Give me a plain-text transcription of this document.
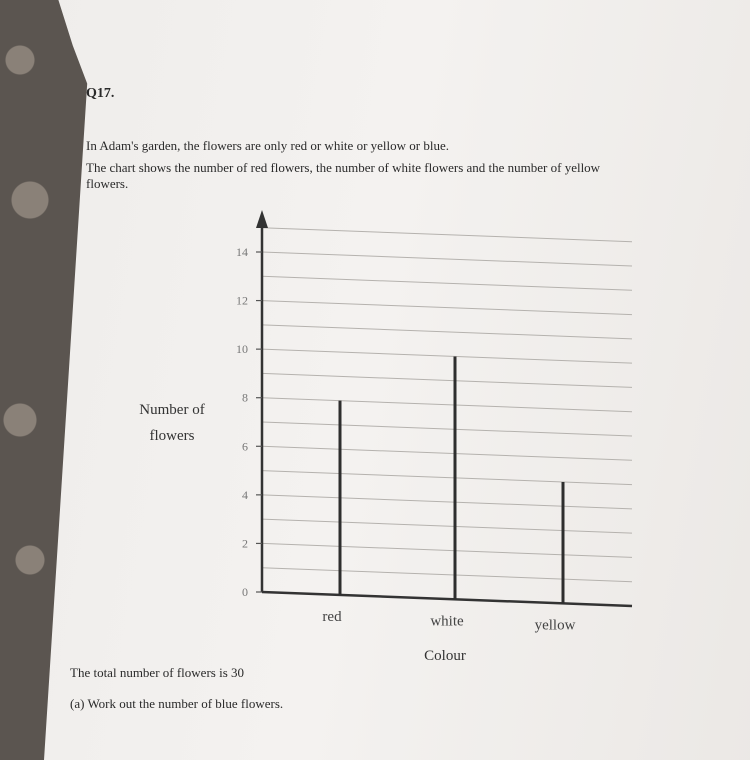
Q17.
In Adam's garden, the flowers are only red or white or yellow or blue.
The chart shows the number of red flowers, the number of white flowers and the number of yellow
flowers.
Number of
flowers
Colour
0
2
4
6
8
10
12
14
red	white	yellow
The total number of flowers is 30
(a) Work out the number of blue flowers.
